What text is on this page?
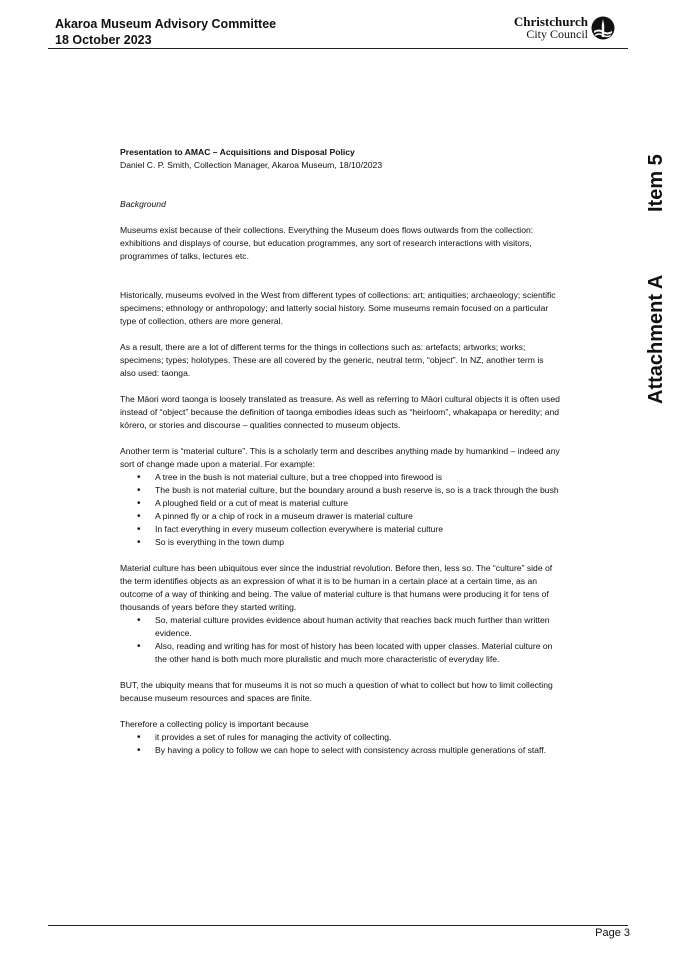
Akaroa Museum Advisory Committee
18 October 2023
Christchurch
City Council
Attachment A
Item 5

Presentation to AMAC – Acquisitions and Disposal Policy

Daniel C. P. Smith, Collection Manager, Akaroa Museum, 18/10/2023

Background

Museums exist because of their collections. Everything the Museum does flows outwards from the collection: exhibitions and displays of course, but education programmes, any sort of research interactions with visitors, programmes of talks, lectures etc.

Historically, museums evolved in the West from different types of collections: art; antiquities; archaeology; scientific specimens; ethnology or anthropology; and latterly social history. Some museums remain focused on a particular type of collection, others are more general.

As a result, there are a lot of different terms for the things in collections such as: artefacts; artworks; works; specimens; types; holotypes. These are all covered by the generic, neutral term, “object”. In NZ, another term is also used: taonga.

The Māori word taonga is loosely translated as treasure. As well as referring to Māori cultural objects it is often used instead of “object” because the definition of taonga embodies ideas such as “heirloom”, whakapapa or heredity; and kōrero, or stories and discourse – qualities connected to museum objects.

Another term is “material culture”. This is a scholarly term and describes anything made by humankind – indeed any sort of change made upon a material. For example:

• A tree in the bush is not material culture, but a tree chopped into firewood is
• The bush is not material culture, but the boundary around a bush reserve is, so is a track through the bush
• A ploughed field or a cut of meat is material culture
• A pinned fly or a chip of rock in a museum drawer is material culture
• In fact everything in every museum collection everywhere is material culture
• So is everything in the town dump

Material culture has been ubiquitous ever since the industrial revolution. Before then, less so. The “culture” side of the term identifies objects as an expression of what it is to be human in a certain place at a certain time, as an outcome of a way of thinking and being. The value of material culture is that humans were producing it for tens of thousands of years before they started writing.

• So, material culture provides evidence about human activity that reaches back much further than written evidence.
• Also, reading and writing has for most of history has been located with upper classes. Material culture on the other hand is both much more pluralistic and much more characteristic of everyday life.

BUT, the ubiquity means that for museums it is not so much a question of what to collect but how to limit collecting because museum resources and spaces are finite.

Therefore a collecting policy is important because

• it provides a set of rules for managing the activity of collecting.
• By having a policy to follow we can hope to select with consistency across multiple generations of staff.
Page 3
